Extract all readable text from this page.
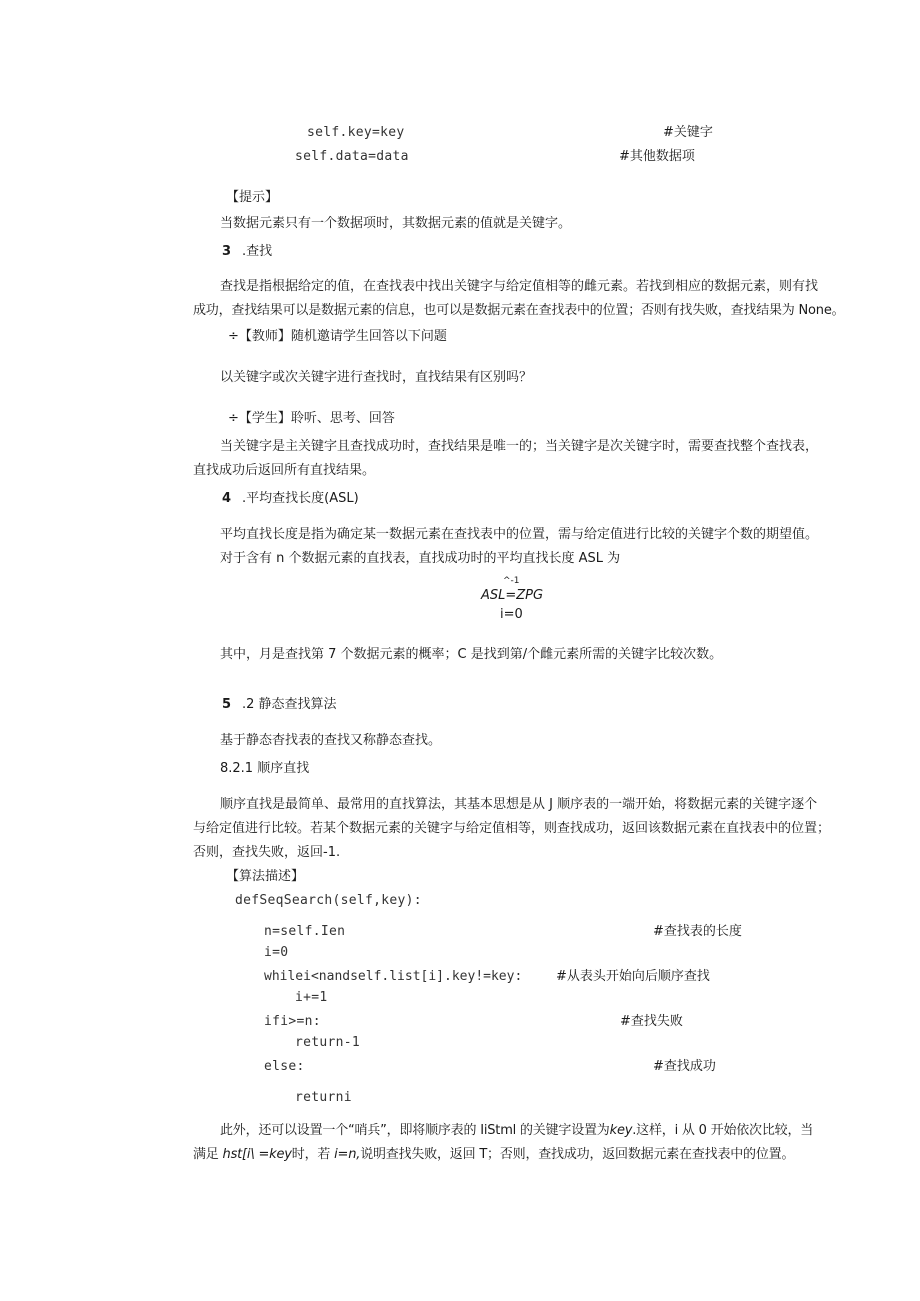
self.key=key	#关键字
self.data=data	#其他数据项
【提示】
当数据元素只有一个数据项时，其数据元素的值就是关键字。
3 .查找
查找是指根据给定的值，在查找表中找出关键字与给定值相等的雌元素。若找到相应的数据元素，则有找
成功，查找结果可以是数据元素的信息，也可以是数据元素在查找表中的位置；否则有找失败，查找结果为 None。
÷【教师】随机邀请学生回答以下问题
以关键字或次关键字进行查找时，直找结果有区别吗？
÷【学生】聆听、思考、回答
当关键字是主关键字且查找成功时，查找结果是唯一的；当关键字是次关键字时，需要查找整个查找表，
直找成功后返回所有直找结果。
4 .平均查找长度(ASL)
平均直找长度是指为确定某一数据元素在查找表中的位置，需与给定值进行比较的关键字个数的期望值。
对于含有 n 个数据元素的直找表，直找成功时的平均直找长度 ASL 为
^-1
ASL=ZPG
i=0
其中，月是查找第 7 个数据元素的概率；C 是找到第/个雌元素所需的关键字比较次数。
5 .2 静态查找算法
基于静态杳找表的查找又称静态查找。
8.2.1 顺序直找
顺序直找是最简单、最常用的直找算法，其基本思想是从 J 顺序表的一端开始，将数据元素的关键字逐个
与给定值进行比较。若某个数据元素的关键字与给定值相等，则查找成功，返回该数据元素在直找表中的位置；
否则，查找失败，返回-1.
【算法描述】
defSeqSearch(self,key):
n=self.Ien	#查找表的长度
i=0
whilei<nandself.list[i].key!=key:	#从表头开始向后顺序查找
i+=1
ifi>=n:	#查找失败
return-1
else:	#查找成功
returni
此外，还可以设置一个“哨兵”，即将顺序表的 IiStml 的关键字设置为key.这样，i 从 0 开始依次比较，当
满足 hst[i\ =key时，若 i=n,说明查找失败，返回 T；否则，查找成功，返回数据元素在查找表中的位置。
